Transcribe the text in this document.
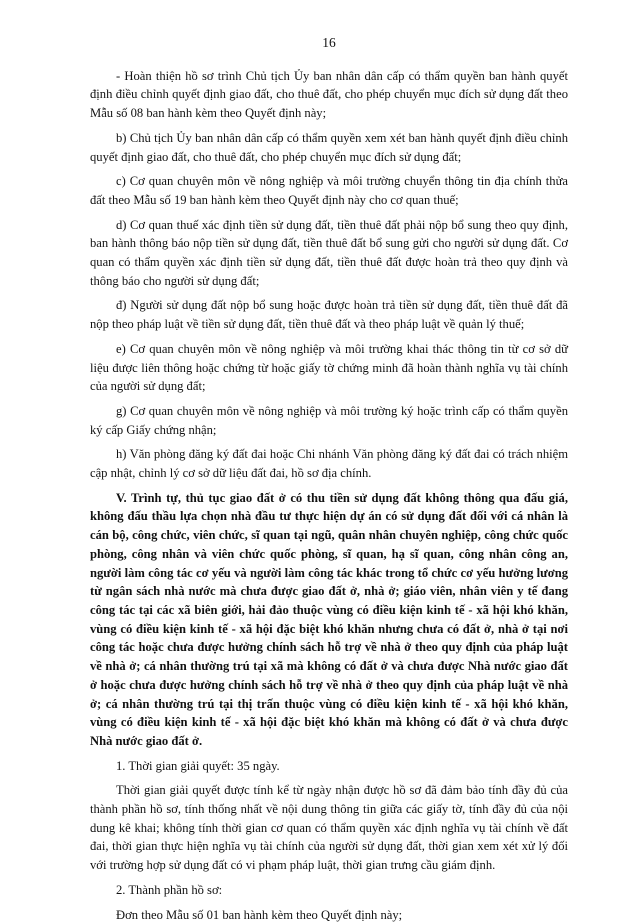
16

- Hoàn thiện hồ sơ trình Chủ tịch Ủy ban nhân dân cấp có thẩm quyền ban hành quyết định điều chỉnh quyết định giao đất, cho thuê đất, cho phép chuyển mục đích sử dụng đất theo Mẫu số 08 ban hành kèm theo Quyết định này;

b) Chủ tịch Ủy ban nhân dân cấp có thẩm quyền xem xét ban hành quyết định điều chỉnh quyết định giao đất, cho thuê đất, cho phép chuyển mục đích sử dụng đất;

c) Cơ quan chuyên môn về nông nghiệp và môi trường chuyển thông tin địa chính thửa đất theo Mẫu số 19 ban hành kèm theo Quyết định này cho cơ quan thuế;

d) Cơ quan thuế xác định tiền sử dụng đất, tiền thuê đất phải nộp bổ sung theo quy định, ban hành thông báo nộp tiền sử dụng đất, tiền thuê đất bổ sung gửi cho người sử dụng đất. Cơ quan có thẩm quyền xác định tiền sử dụng đất, tiền thuê đất được hoàn trả theo quy định và thông báo cho người sử dụng đất;

đ) Người sử dụng đất nộp bổ sung hoặc được hoàn trả tiền sử dụng đất, tiền thuê đất đã nộp theo pháp luật về tiền sử dụng đất, tiền thuê đất và theo pháp luật về quản lý thuế;

e) Cơ quan chuyên môn về nông nghiệp và môi trường khai thác thông tin từ cơ sở dữ liệu được liên thông hoặc chứng từ hoặc giấy tờ chứng minh đã hoàn thành nghĩa vụ tài chính của người sử dụng đất;

g) Cơ quan chuyên môn về nông nghiệp và môi trường ký hoặc trình cấp có thẩm quyền ký cấp Giấy chứng nhận;

h) Văn phòng đăng ký đất đai hoặc Chi nhánh Văn phòng đăng ký đất đai có trách nhiệm cập nhật, chỉnh lý cơ sở dữ liệu đất đai, hồ sơ địa chính.

V. Trình tự, thủ tục giao đất ở có thu tiền sử dụng đất không thông qua đấu giá, không đấu thầu lựa chọn nhà đầu tư thực hiện dự án có sử dụng đất đối với cá nhân là cán bộ, công chức, viên chức, sĩ quan tại ngũ, quân nhân chuyên nghiệp, công chức quốc phòng, công nhân và viên chức quốc phòng, sĩ quan, hạ sĩ quan, công nhân công an, người làm công tác cơ yếu và người làm công tác khác trong tổ chức cơ yếu hưởng lương từ ngân sách nhà nước mà chưa được giao đất ở, nhà ở; giáo viên, nhân viên y tế đang công tác tại các xã biên giới, hải đảo thuộc vùng có điều kiện kinh tế - xã hội khó khăn, vùng có điều kiện kinh tế - xã hội đặc biệt khó khăn nhưng chưa có đất ở, nhà ở tại nơi công tác hoặc chưa được hưởng chính sách hỗ trợ về nhà ở theo quy định của pháp luật về nhà ở; cá nhân thường trú tại xã mà không có đất ở và chưa được Nhà nước giao đất ở hoặc chưa được hưởng chính sách hỗ trợ về nhà ở theo quy định của pháp luật về nhà ở; cá nhân thường trú tại thị trấn thuộc vùng có điều kiện kinh tế - xã hội khó khăn, vùng có điều kiện kinh tế - xã hội đặc biệt khó khăn mà không có đất ở và chưa được Nhà nước giao đất ở.

1. Thời gian giải quyết: 35 ngày.

Thời gian giải quyết được tính kể từ ngày nhận được hồ sơ đã đảm bảo tính đầy đủ của thành phần hồ sơ, tính thống nhất về nội dung thông tin giữa các giấy tờ, tính đầy đủ của nội dung kê khai; không tính thời gian cơ quan có thẩm quyền xác định nghĩa vụ tài chính về đất đai, thời gian thực hiện nghĩa vụ tài chính của người sử dụng đất, thời gian xem xét xử lý đối với trường hợp sử dụng đất có vi phạm pháp luật, thời gian trưng cầu giám định.

2. Thành phần hồ sơ:

Đơn theo Mẫu số 01 ban hành kèm theo Quyết định này;
